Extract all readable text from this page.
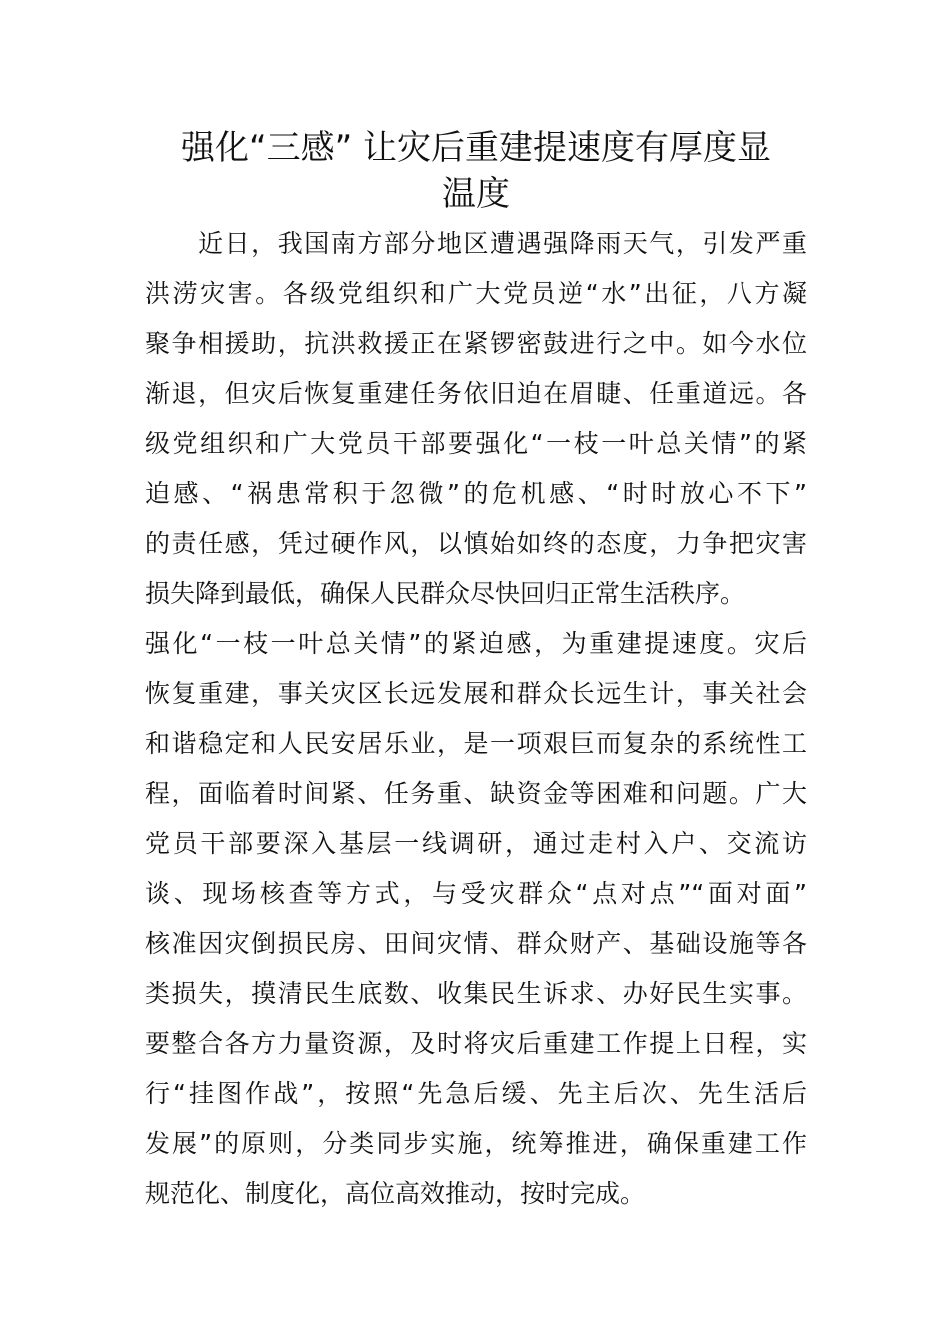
强化“三感” 让灾后重建提速度有厚度显
温度
　　近日，我国南方部分地区遭遇强降雨天气，引发严重
洪涝灾害。各级党组织和广大党员逆“水”出征，八方凝
聚争相援助，抗洪救援正在紧锣密鼓进行之中。如今水位
渐退，但灾后恢复重建任务依旧迫在眉睫、任重道远。各
级党组织和广大党员干部要强化“一枝一叶总关情”的紧
迫感、“祸患常积于忽微”的危机感、“时时放心不下”
的责任感，凭过硬作风，以慎始如终的态度，力争把灾害
损失降到最低，确保人民群众尽快回归正常生活秩序。
强化“一枝一叶总关情”的紧迫感，为重建提速度。灾后
恢复重建，事关灾区长远发展和群众长远生计，事关社会
和谐稳定和人民安居乐业，是一项艰巨而复杂的系统性工
程，面临着时间紧、任务重、缺资金等困难和问题。广大
党员干部要深入基层一线调研，通过走村入户、交流访
谈、现场核查等方式，与受灾群众“点对点”“面对面”
核准因灾倒损民房、田间灾情、群众财产、基础设施等各
类损失，摸清民生底数、收集民生诉求、办好民生实事。
要整合各方力量资源，及时将灾后重建工作提上日程，实
行“挂图作战”，按照“先急后缓、先主后次、先生活后
发展”的原则，分类同步实施，统筹推进，确保重建工作
规范化、制度化，高位高效推动，按时完成。
